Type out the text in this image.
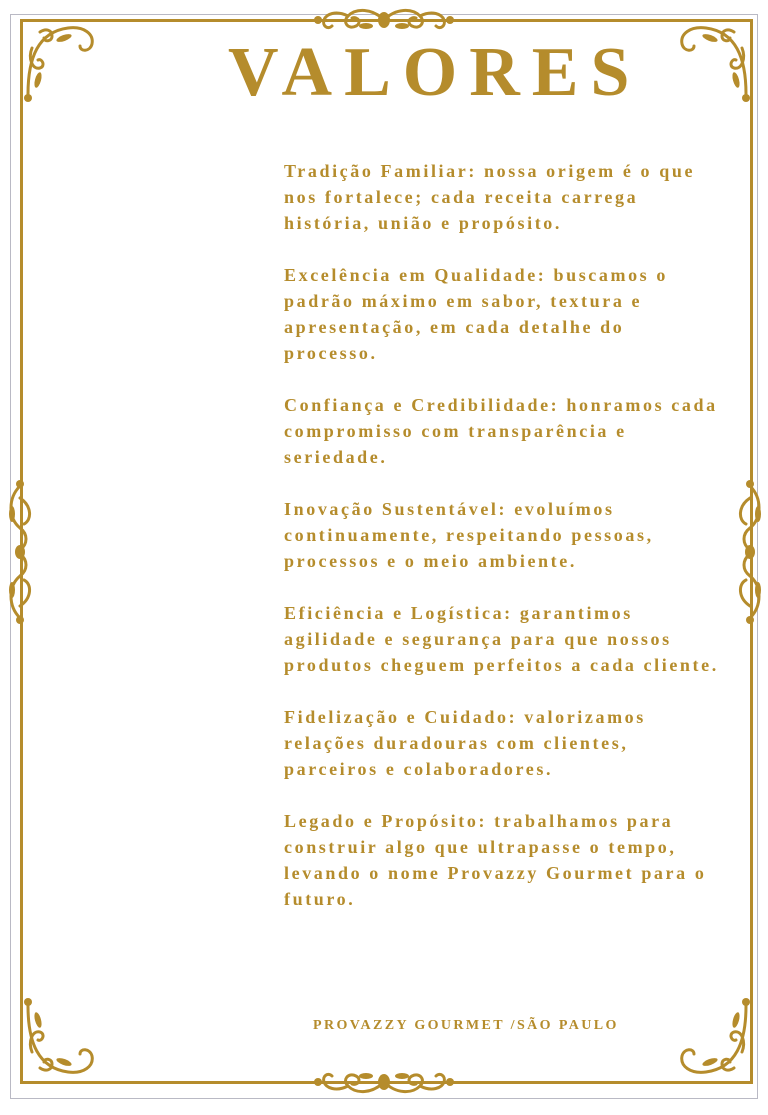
VALORES

Tradição Familiar: nossa origem é o que nos fortalece; cada receita carrega história, união e propósito.

Excelência em Qualidade: buscamos o padrão máximo em sabor, textura e apresentação, em cada detalhe do processo.

Confiança e Credibilidade: honramos cada compromisso com transparência e seriedade.

Inovação Sustentável: evoluímos continuamente, respeitando pessoas, processos e o meio ambiente.

Eficiência e Logística: garantimos agilidade e segurança para que nossos produtos cheguem perfeitos a cada cliente.

Fidelização e Cuidado: valorizamos relações duradouras com clientes, parceiros e colaboradores.

Legado e Propósito: trabalhamos para construir algo que ultrapasse o tempo, levando o nome Provazzy Gourmet para o futuro.

PROVAZZY GOURMET /SÃO PAULO
